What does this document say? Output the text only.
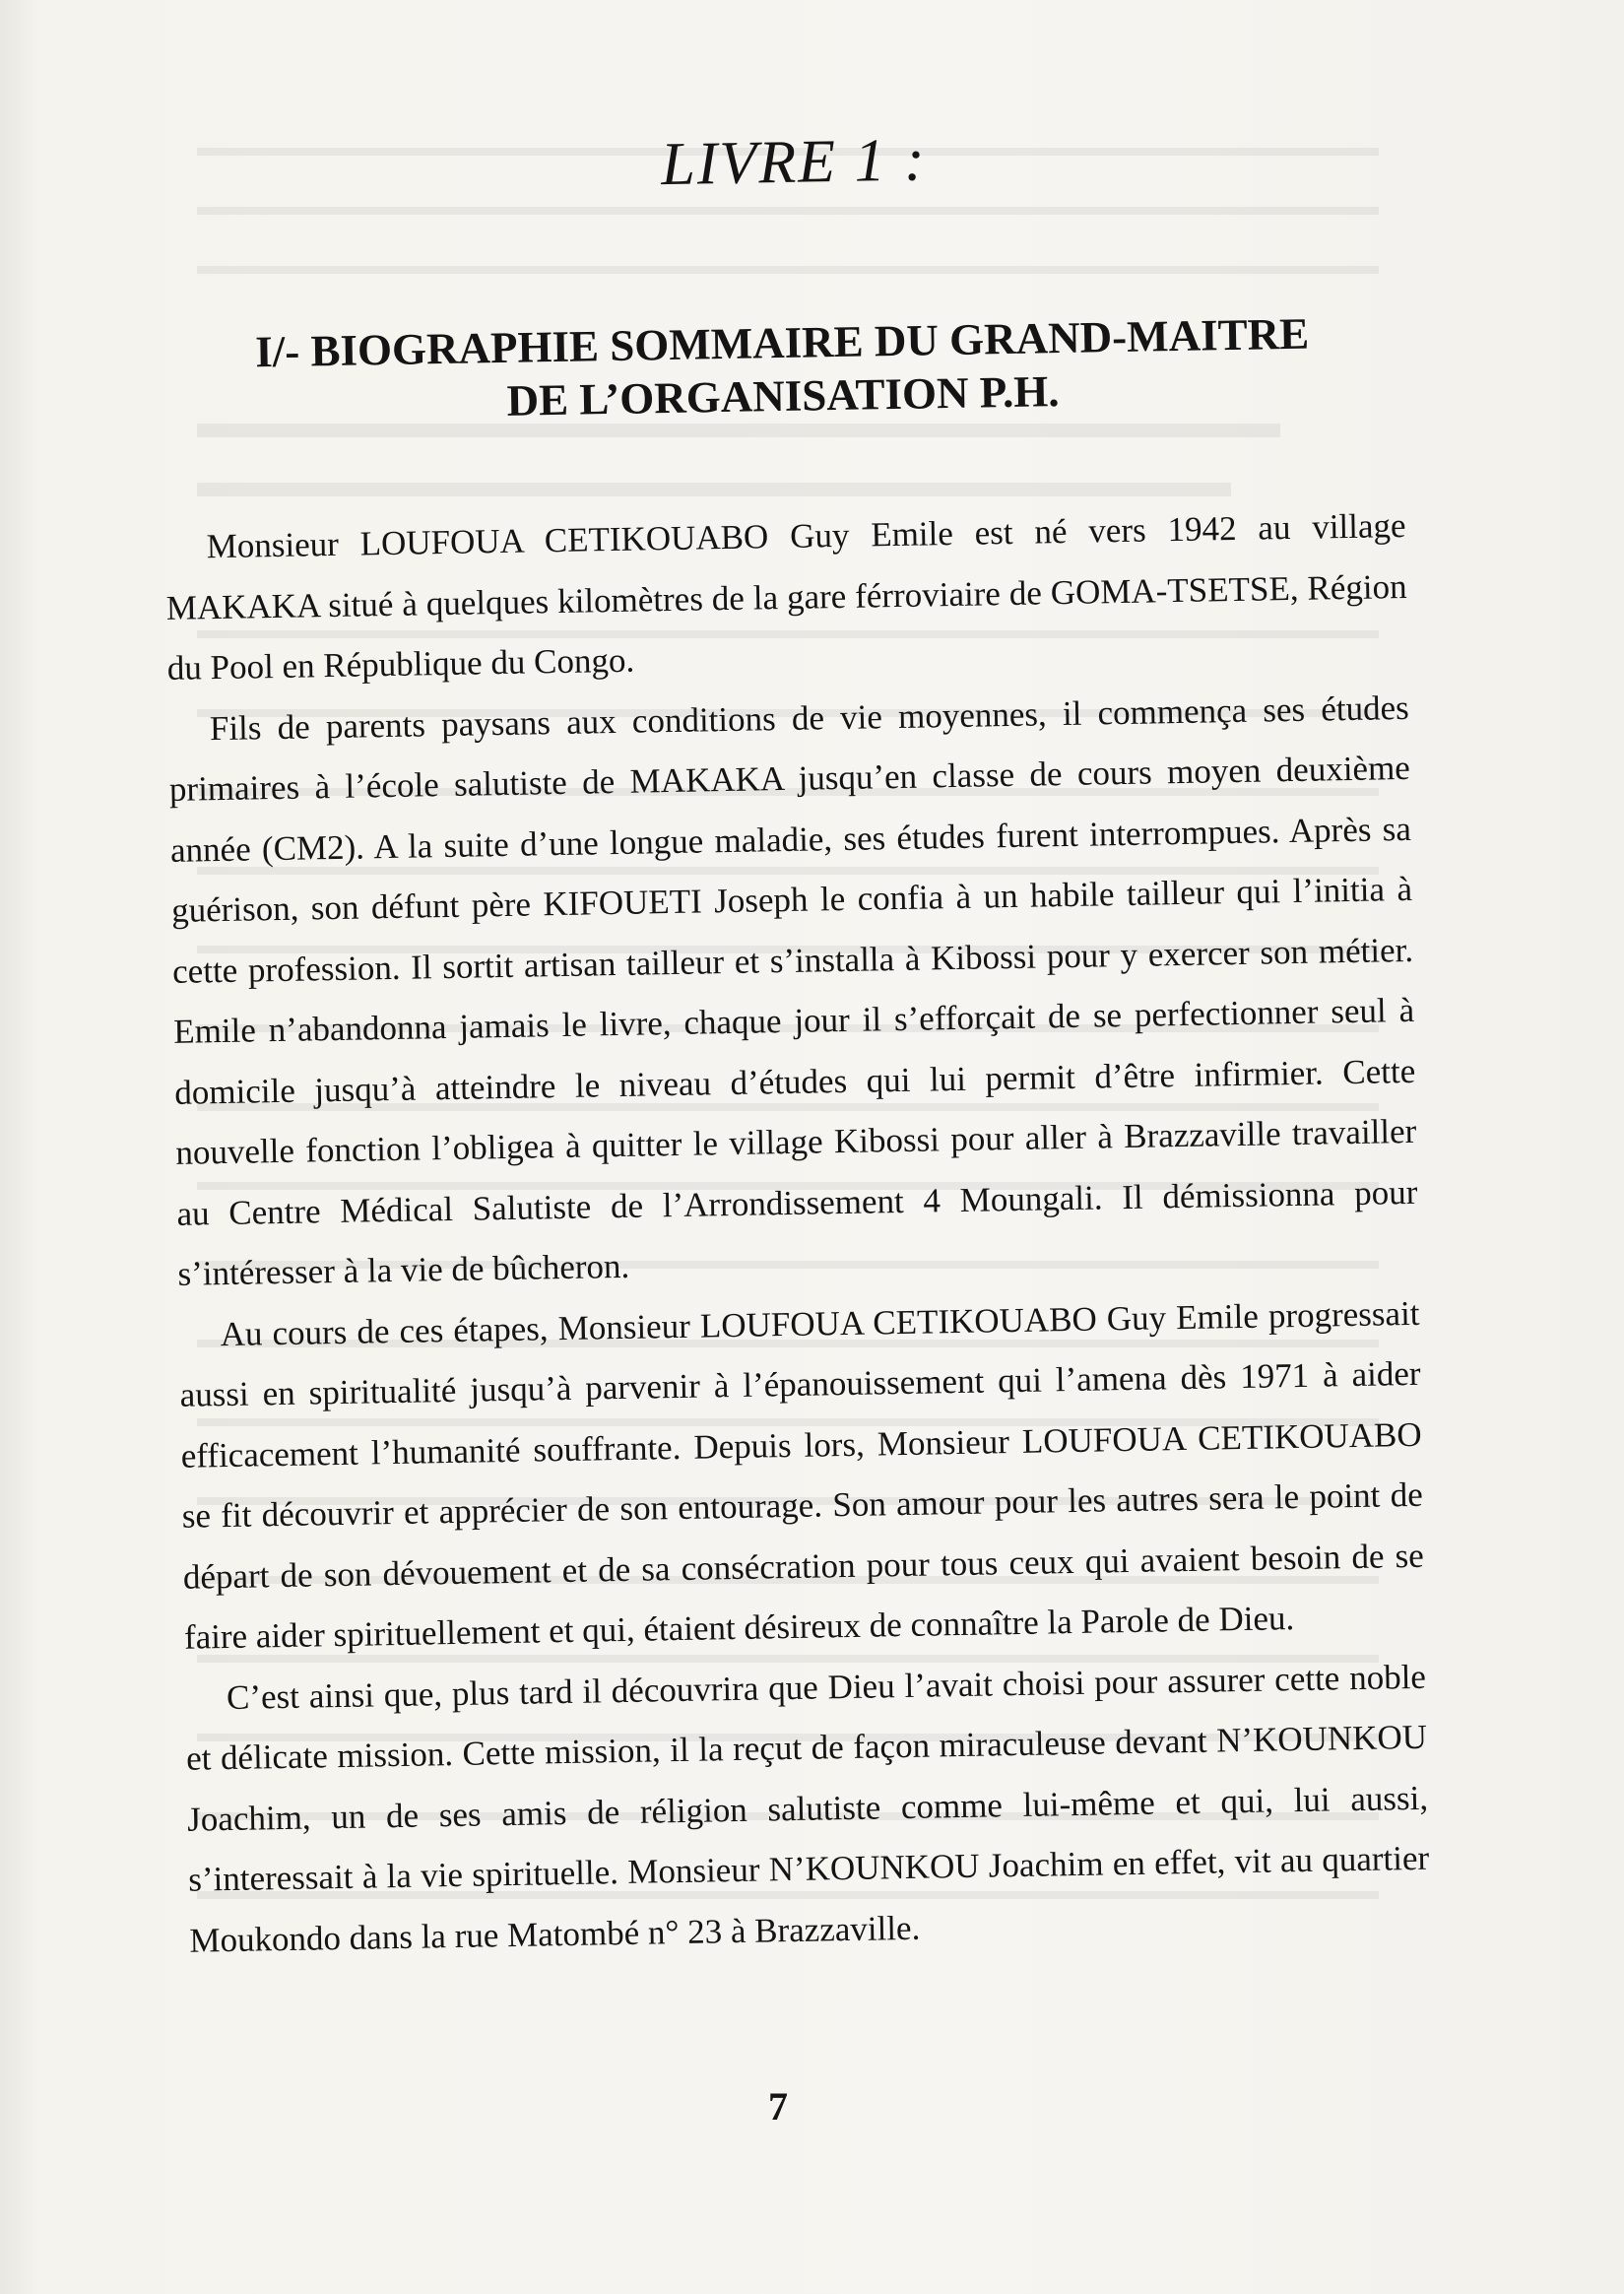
LIVRE 1 :
I/- BIOGRAPHIE SOMMAIRE DU GRAND-MAITRE
DE L’ORGANISATION P.H.

Monsieur LOUFOUA CETIKOUABO Guy Emile est né vers 1942 au village MAKAKA situé à quelques kilomètres de la gare férroviaire de GOMA-TSETSE, Région du Pool en République du Congo.

Fils de parents paysans aux conditions de vie moyennes, il commença ses études primaires à l’école salutiste de MAKAKA jusqu’en classe de cours moyen deuxième année (CM2). A la suite d’une longue maladie, ses études furent interrompues. Après sa guérison, son défunt père KIFOUETI Joseph le confia à un habile tailleur qui l’initia à cette profession. Il sortit artisan tailleur et s’installa à Kibossi pour y exercer son métier. Emile n’abandonna jamais le livre, chaque jour il s’efforçait de se perfectionner seul à domicile jusqu’à atteindre le niveau d’études qui lui permit d’être infirmier. Cette nouvelle fonction l’obligea à quitter le village Kibossi pour aller à Brazzaville travailler au Centre Médical Salutiste de l’Arrondissement 4 Moungali. Il démissionna pour s’intéresser à la vie de bûcheron.

Au cours de ces étapes, Monsieur LOUFOUA CETIKOUABO Guy Emile progressait aussi en spiritualité jusqu’à parvenir à l’épanouissement qui l’amena dès 1971 à aider efficacement l’humanité souffrante. Depuis lors, Monsieur LOUFOUA CETIKOUABO se fit découvrir et apprécier de son entourage. Son amour pour les autres sera le point de départ de son dévouement et de sa consécration pour tous ceux qui avaient besoin de se faire aider spirituellement et qui, étaient désireux de connaître la Parole de Dieu.

C’est ainsi que, plus tard il découvrira que Dieu l’avait choisi pour assurer cette noble et délicate mission. Cette mission, il la reçut de façon miraculeuse devant N’KOUNKOU Joachim, un de ses amis de réligion salutiste comme lui-même et qui, lui aussi, s’interessait à la vie spirituelle. Monsieur N’KOUNKOU Joachim en effet, vit au quartier Moukondo dans la rue Matombé n° 23 à Brazzaville.

7
